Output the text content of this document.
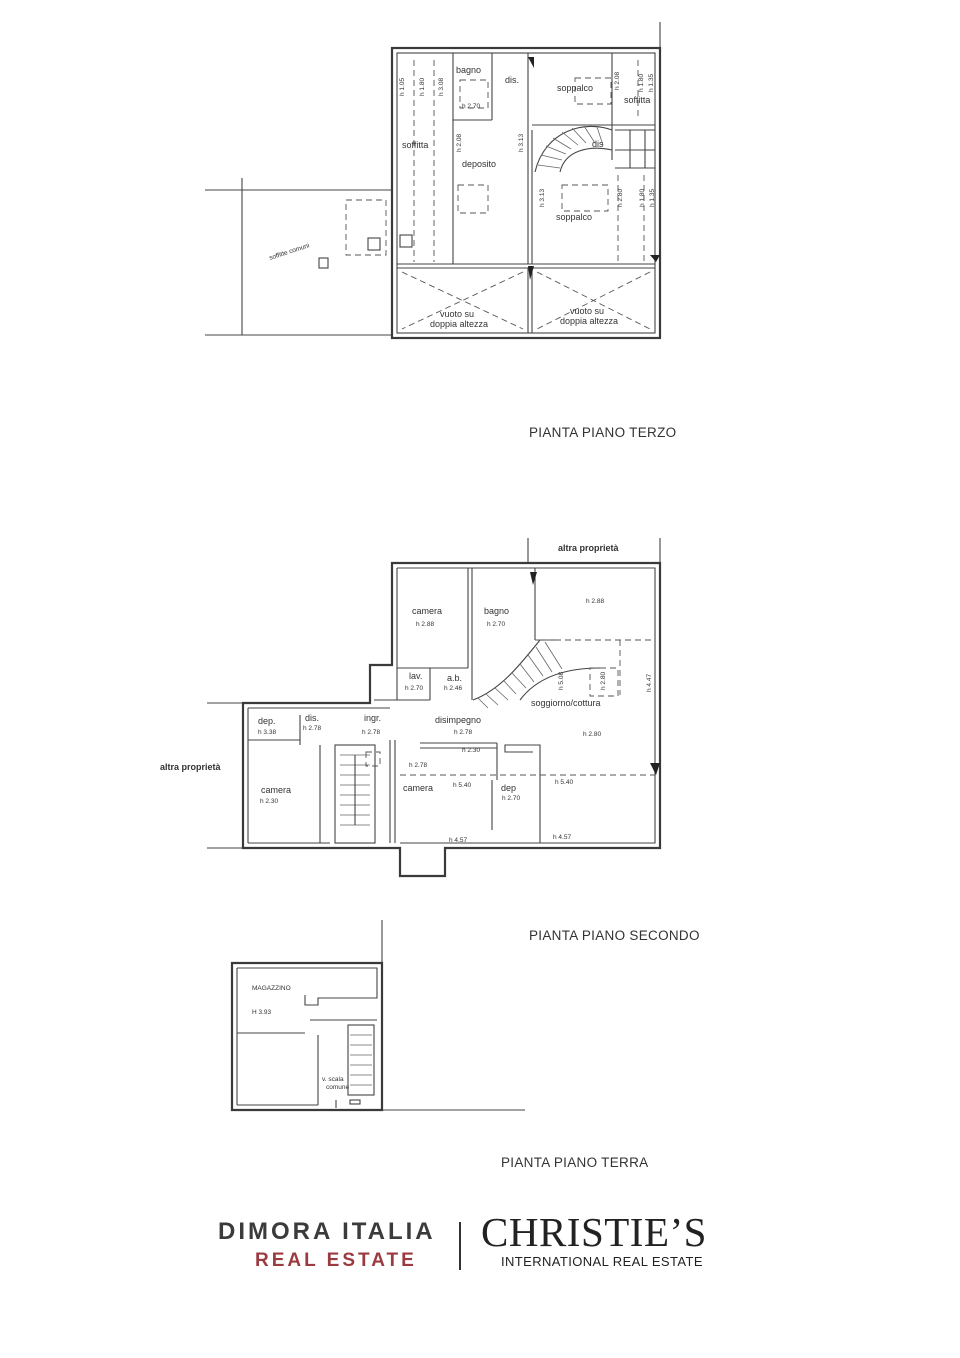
bagno
dis.
soppalco
soffitta
soffitta
deposito
dis
soppalco
soffitte comuni
vuoto su
doppia altezza
vuoto su
doppia altezza
h 1.05 h 1.80 h 3.08
h 2.70
h 3.13
h 2.08
h 2.08	h 1.80 h 1.35
h 3.13	h 2.80 h 1.80 h 1.35
altra proprietà
altra proprietà
camera	bagno
lav.	a.b.
soggiorno/cottura
dep.	dis.	ingr.	disimpegno
camera	camera	dep
h 2.88	h 2.70
h 2.88
h 2.70	h 2.46	h 5.08	h 2.80	h 4.47
h 3.38
h 2.78
h 2.78	h 2.78
h 2.30
h 2.80
h 2.78
h 5.40
h 2.70
h 5.40
h 2.30
h 4.57	h 4.57
MAGAZZINO
H 3.93
v. scala
comune
PIANTA PIANO TERZO
PIANTA PIANO SECONDO
PIANTA PIANO TERRA
DIMORA ITALIA
REAL ESTATE
CHRISTIE’S
INTERNATIONAL REAL ESTATE
